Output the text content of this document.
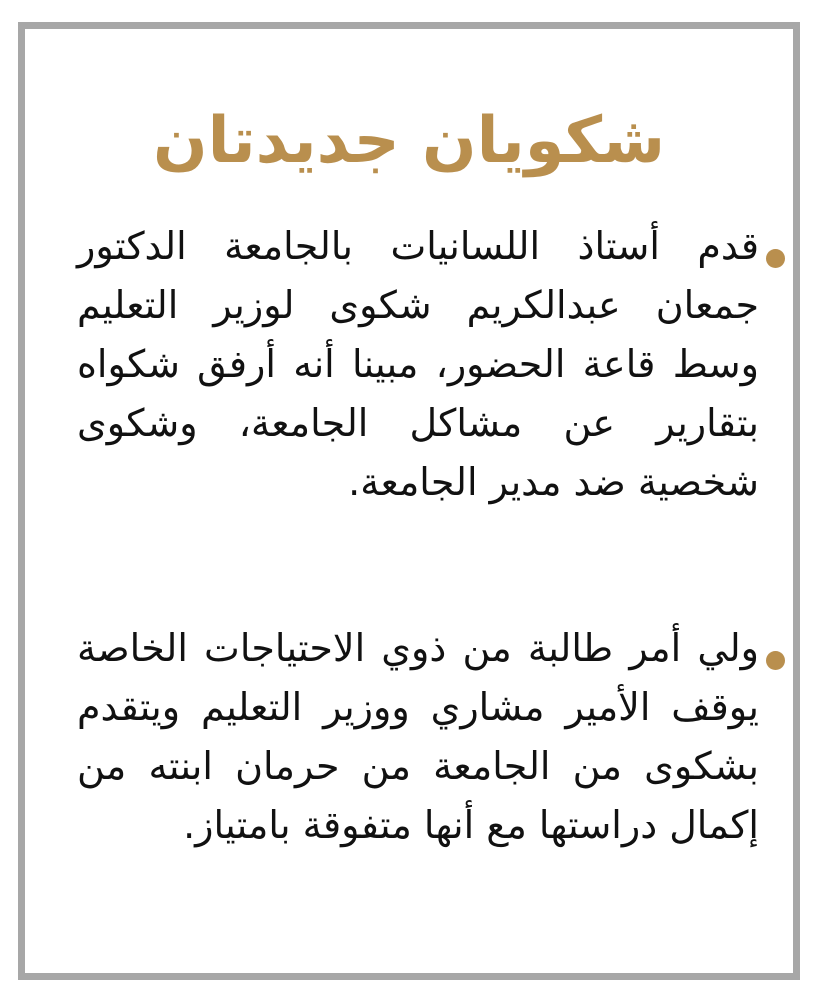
شكويان جديدتان
قدم أستاذ اللسانيات بالجامعة الدكتور جمعان عبدالكريم شكوى لوزير التعليم وسط قاعة الحضور، مبينا أنه أرفق شكواه بتقارير عن مشاكل الجامعة، وشكوى شخصية ضد مدير الجامعة.
ولي أمر طالبة من ذوي الاحتياجات الخاصة يوقف الأمير مشاري ووزير التعليم ويتقدم بشكوى من الجامعة من حرمان ابنته من إكمال دراستها مع أنها متفوقة بامتياز.
